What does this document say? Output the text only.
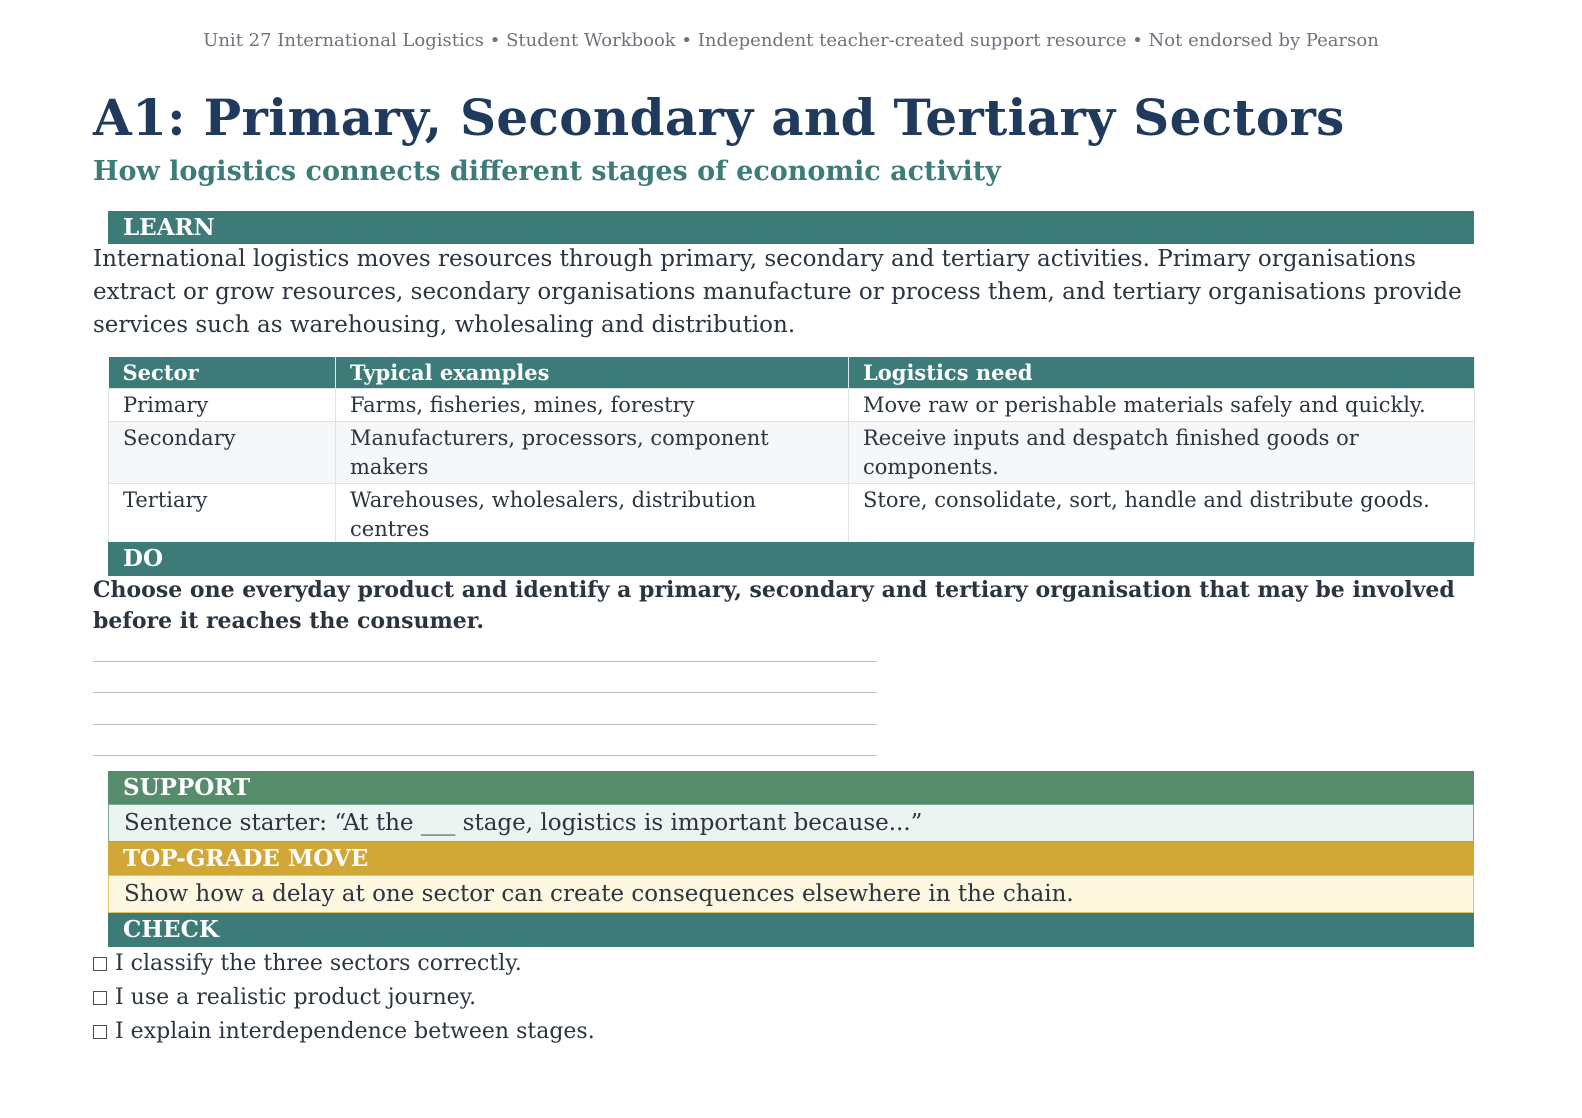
Unit 27 International Logistics • Student Workbook • Independent teacher-created support resource • Not endorsed by Pearson
A1: Primary, Secondary and Tertiary Sectors
How logistics connects different stages of economic activity
LEARN

International logistics moves resources through primary, secondary and tertiary activities. Primary organisations extract or grow resources, secondary organisations manufacture or process them, and tertiary organisations provide services such as warehousing, wholesaling and distribution.

Sector	Typical examples	Logistics need
Primary	Farms, fisheries, mines, forestry	Move raw or perishable materials safely and quickly.
Secondary	Manufacturers, processors, component makers	Receive inputs and despatch finished goods or components.
Tertiary	Warehouses, wholesalers, distribution centres	Store, consolidate, sort, handle and distribute goods.
DO

Choose one everyday product and identify a primary, secondary and tertiary organisation that may be involved before it reaches the consumer.

SUPPORT
Sentence starter: “At the ___ stage, logistics is important because...”
TOP-GRADE MOVE
Show how a delay at one sector can create consequences elsewhere in the chain.
CHECK
I classify the three sectors correctly.
I use a realistic product journey.
I explain interdependence between stages.
